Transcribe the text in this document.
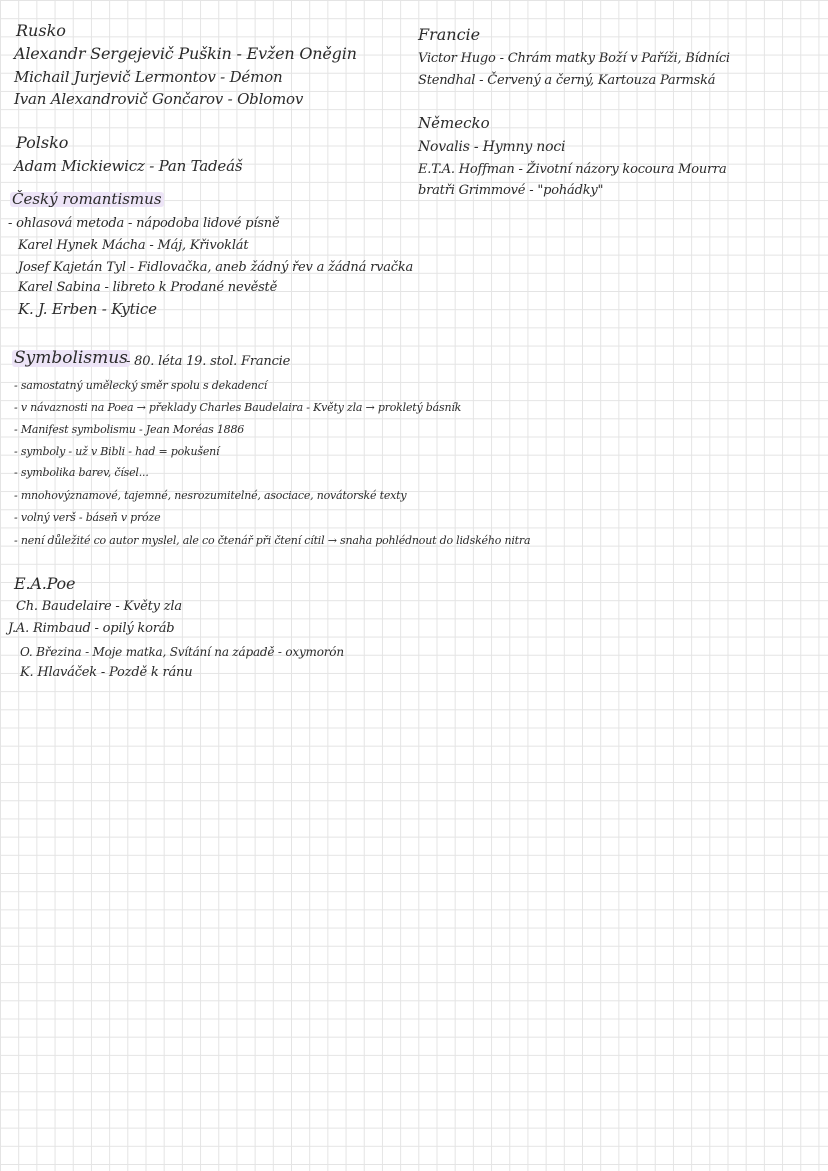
Rusko
Alexandr Sergejevič Puškin - Evžen Oněgin
Michail Jurjevič Lermontov - Démon
Ivan Alexandrovič Gončarov - Oblomov
Polsko
Adam Mickiewicz - Pan Tadeáš
Český romantismus
- ohlasová metoda - nápodoba lidové písně
Karel Hynek Mácha - Máj, Křivoklát
Josef Kajetán Tyl - Fidlovačka, aneb žádný řev a žádná rvačka
Karel Sabina - libreto k Prodané nevěstě
K. J. Erben - Kytice
Francie
Victor Hugo - Chrám matky Boží v Paříži, Bídníci
Stendhal - Červený a černý, Kartouza Parmská
Německo
Novalis - Hymny noci
E.T.A. Hoffman - Životní názory kocoura Mourra
bratři Grimmové - "pohádky"
Symbolismus
- 80. léta 19. stol. Francie
- samostatný umělecký směr spolu s dekadencí
- v návaznosti na Poea → překlady Charles Baudelaira - Květy zla → prokletý básník
- Manifest symbolismu - Jean Moréas 1886
- symboly - už v Bibli - had = pokušení
- symbolika barev, čísel...
- mnohovýznamové, tajemné, nesrozumitelné, asociace, novátorské texty
- volný verš - báseň v próze
- není důležité co autor myslel, ale co čtenář při čtení cítil → snaha pohlédnout do lidského nitra
E.A.Poe
Ch. Baudelaire - Květy zla
J.A. Rimbaud - opilý koráb
O. Březina - Moje matka, Svítání na západě - oxymorón
K. Hlaváček - Pozdě k ránu
